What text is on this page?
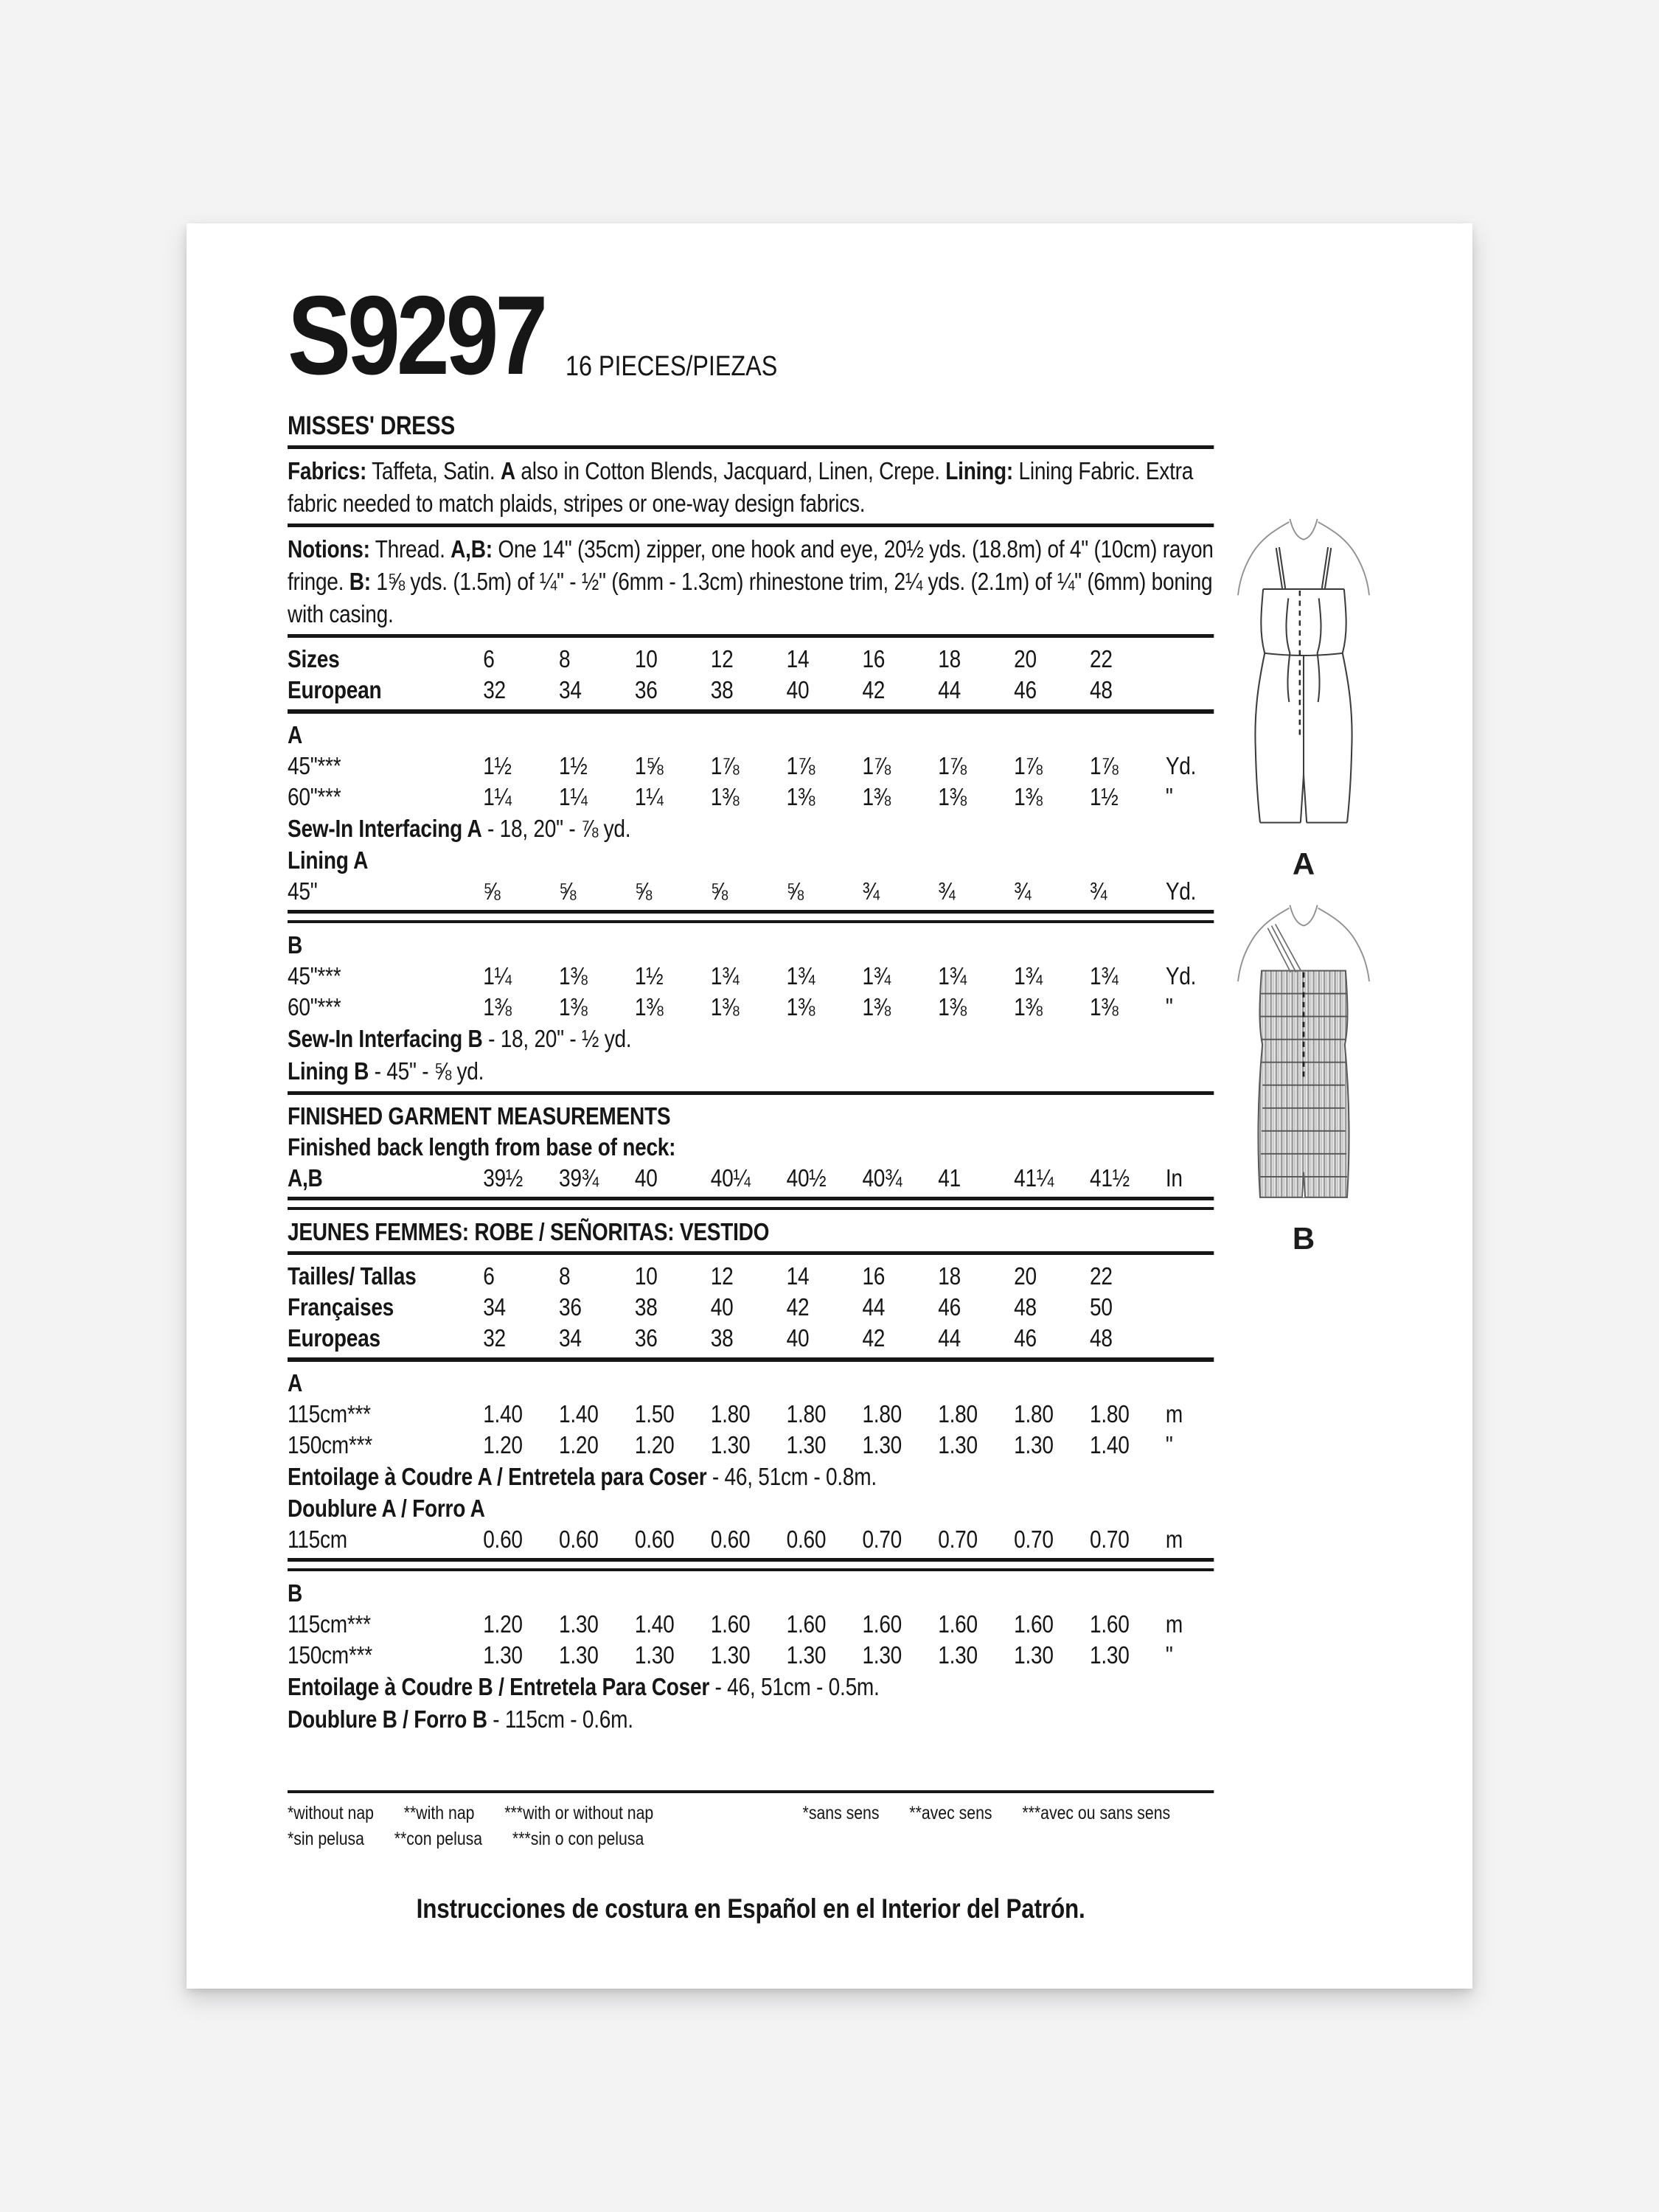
S9297 16 PIECES/PIEZAS
MISSES' DRESS
Fabrics: Taffeta, Satin. A also in Cotton Blends, Jacquard, Linen, Crepe. Lining: Lining Fabric. Extra fabric needed to match plaids, stripes or one-way design fabrics.
Notions: Thread. A,B: One 14" (35cm) zipper, one hook and eye, 20½ yds. (18.8m) of 4" (10cm) rayon fringe. B: 1⅝ yds. (1.5m) of ¼" - ½" (6mm - 1.3cm) rhinestone trim, 2¼ yds. (2.1m) of ¼" (6mm) boning with casing.
Sizes	6	8	10	12	14	16	18	20	22
European	32	34	36	38	40	42	44	46	48
A
45"***	1½	1½	1⅝	1⅞	1⅞	1⅞	1⅞	1⅞	1⅞	Yd.
60"***	1¼	1¼	1¼	1⅜	1⅜	1⅜	1⅜	1⅜	1½	"
Sew-In Interfacing A - 18, 20" - ⅞ yd.
Lining A
45"	⅝	⅝	⅝	⅝	⅝	¾	¾	¾	¾	Yd.
B
45"***	1¼	1⅜	1½	1¾	1¾	1¾	1¾	1¾	1¾	Yd.
60"***	1⅜	1⅜	1⅜	1⅜	1⅜	1⅜	1⅜	1⅜	1⅜	"
Sew-In Interfacing B - 18, 20" - ½ yd.
Lining B - 45" - ⅝ yd.
FINISHED GARMENT MEASUREMENTS
Finished back length from base of neck:
A,B	39½	39¾	40	40¼	40½	40¾	41	41¼	41½	In
JEUNES FEMMES: ROBE / SEÑORITAS: VESTIDO
Tailles/ Tallas	6	8	10	12	14	16	18	20	22
Françaises	34	36	38	40	42	44	46	48	50
Europeas	32	34	36	38	40	42	44	46	48
A
115cm***	1.40	1.40	1.50	1.80	1.80	1.80	1.80	1.80	1.80	m
150cm***	1.20	1.20	1.20	1.30	1.30	1.30	1.30	1.30	1.40	"
Entoilage à Coudre A / Entretela para Coser - 46, 51cm - 0.8m.
Doublure A / Forro A
115cm	0.60	0.60	0.60	0.60	0.60	0.70	0.70	0.70	0.70	m
B
115cm***	1.20	1.30	1.40	1.60	1.60	1.60	1.60	1.60	1.60	m
150cm***	1.30	1.30	1.30	1.30	1.30	1.30	1.30	1.30	1.30	"
Entoilage à Coudre B / Entretela Para Coser - 46, 51cm - 0.5m.
Doublure B / Forro B - 115cm - 0.6m.
*without nap **with nap ***with or without nap	*sans sens **avec sens ***avec ou sans sens
*sin pelusa **con pelusa ***sin o con pelusa
Instrucciones de costura en Español en el Interior del Patrón.
A
B
